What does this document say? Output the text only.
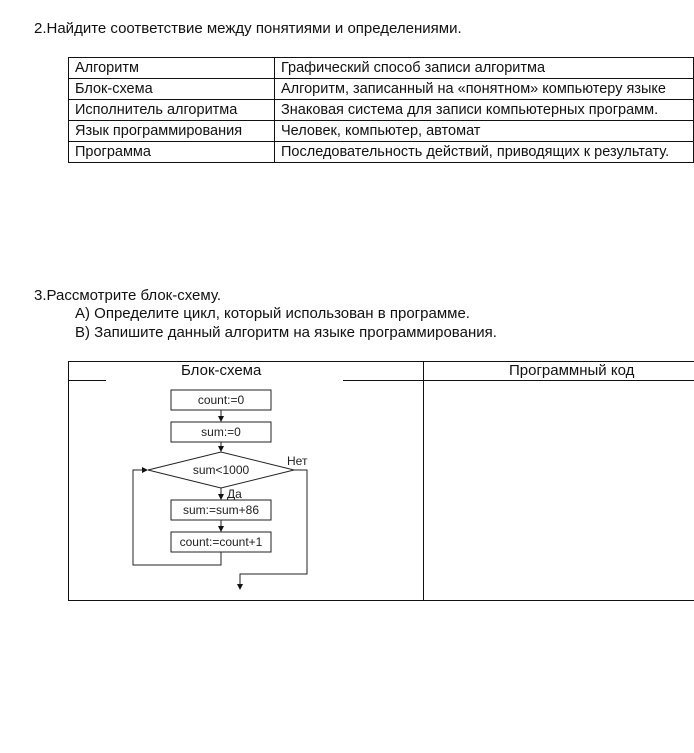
2.Найдите соответствие между понятиями и определениями.
Алгоритм	Графический способ записи алгоритма
Блок-схема	Алгоритм, записанный на «понятном» компьютеру языке
Исполнитель алгоритма	Знаковая система для записи компьютерных программ.
Язык программирования	Человек, компьютер, автомат
Программа	Последовательность действий, приводящих к результату.
3.Рассмотрите блок-схему.
А) Определите цикл, который использован в программе.
В) Запишите данный алгоритм на языке программирования.
Блок-схема	Программный код
count:=0
sum:=0
sum<1000
sum:=sum+86
count:=count+1
Нет
Да
